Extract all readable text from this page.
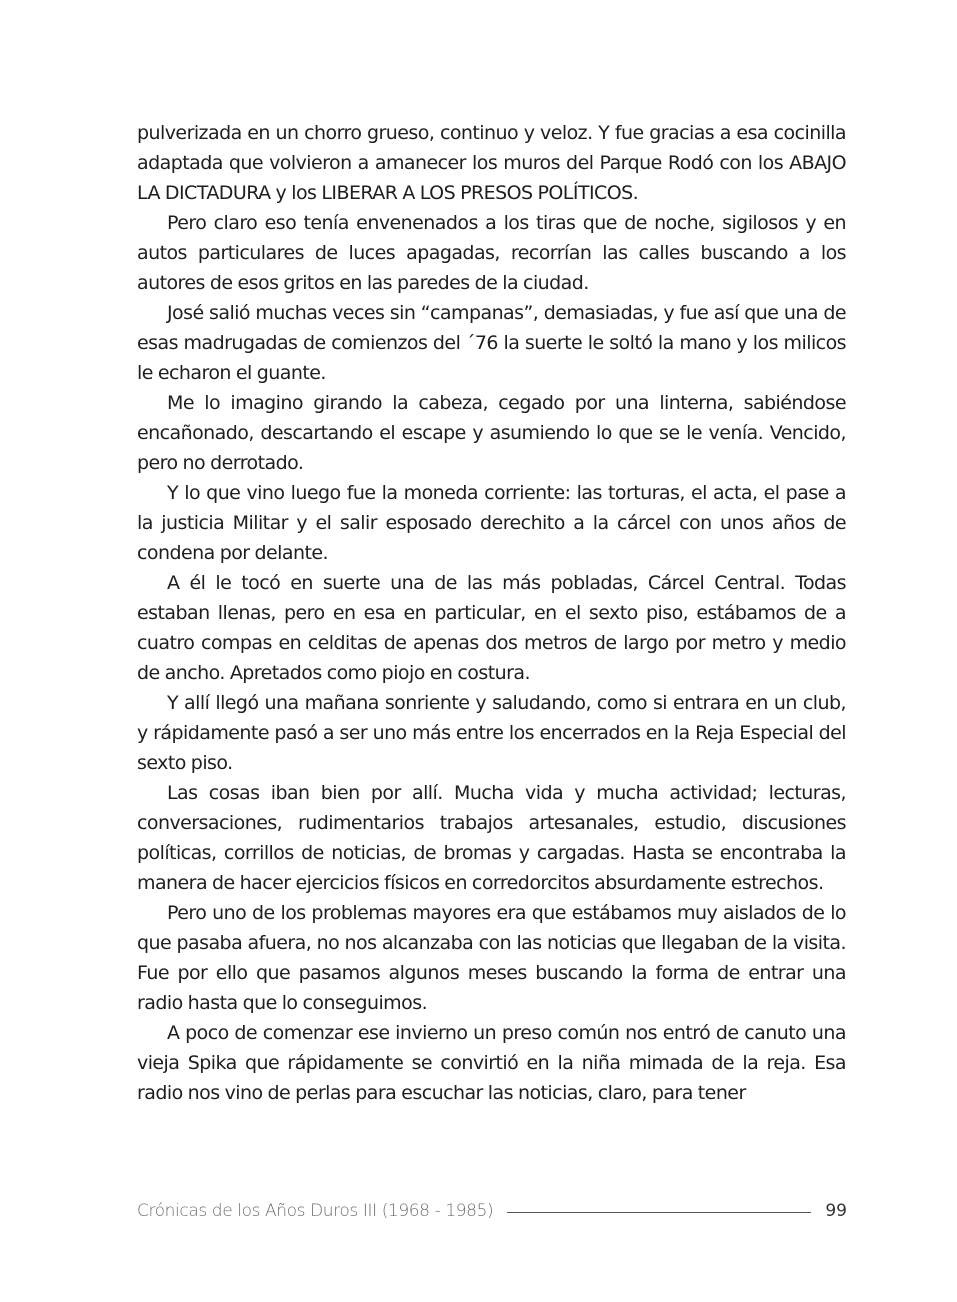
pulverizada en un chorro grueso, continuo y veloz. Y fue gracias a esa cocinilla adaptada que volvieron a amanecer los muros del Parque Rodó con los ABAJO LA DICTADURA y los LIBERAR A LOS PRESOS POLÍTICOS.

Pero claro eso tenía envenenados a los tiras que de noche, sigilosos y en autos particulares de luces apagadas, recorrían las calles buscando a los autores de esos gritos en las paredes de la ciudad.

José salió muchas veces sin “campanas”, demasiadas, y fue así que una de esas madrugadas de comienzos del ´76 la suerte le soltó la mano y los milicos le echaron el guante.

Me lo imagino girando la cabeza, cegado por una linterna, sabiéndose encañonado, descartando el escape y asumiendo lo que se le venía. Vencido, pero no derrotado.

Y lo que vino luego fue la moneda corriente: las torturas, el acta, el pase a la justicia Militar y el salir esposado derechito a la cárcel con unos años de condena por delante.

A él le tocó en suerte una de las más pobladas, Cárcel Central. Todas estaban llenas, pero en esa en particular, en el sexto piso, estábamos de a cuatro compas en celditas de apenas dos metros de largo por metro y medio de ancho. Apretados como piojo en costura.

Y allí llegó una mañana sonriente y saludando, como si entrara en un club, y rápidamente pasó a ser uno más entre los encerrados en la Reja Especial del sexto piso.

Las cosas iban bien por allí. Mucha vida y mucha actividad; lecturas, conversaciones, rudimentarios trabajos artesanales, estudio, discusiones políticas, corrillos de noticias, de bromas y cargadas. Hasta se encontraba la manera de hacer ejercicios físicos en corredorcitos absurdamente estrechos.

Pero uno de los problemas mayores era que estábamos muy aislados de lo que pasaba afuera, no nos alcanzaba con las noticias que llegaban de la visita. Fue por ello que pasamos algunos meses buscando la forma de entrar una radio hasta que lo conseguimos.

A poco de comenzar ese invierno un preso común nos entró de canuto una vieja Spika que rápidamente se convirtió en la niña mimada de la reja. Esa radio nos vino de perlas para escuchar las noticias, claro, para tener

Crónicas de los Años Duros III (1968 - 1985)	99
